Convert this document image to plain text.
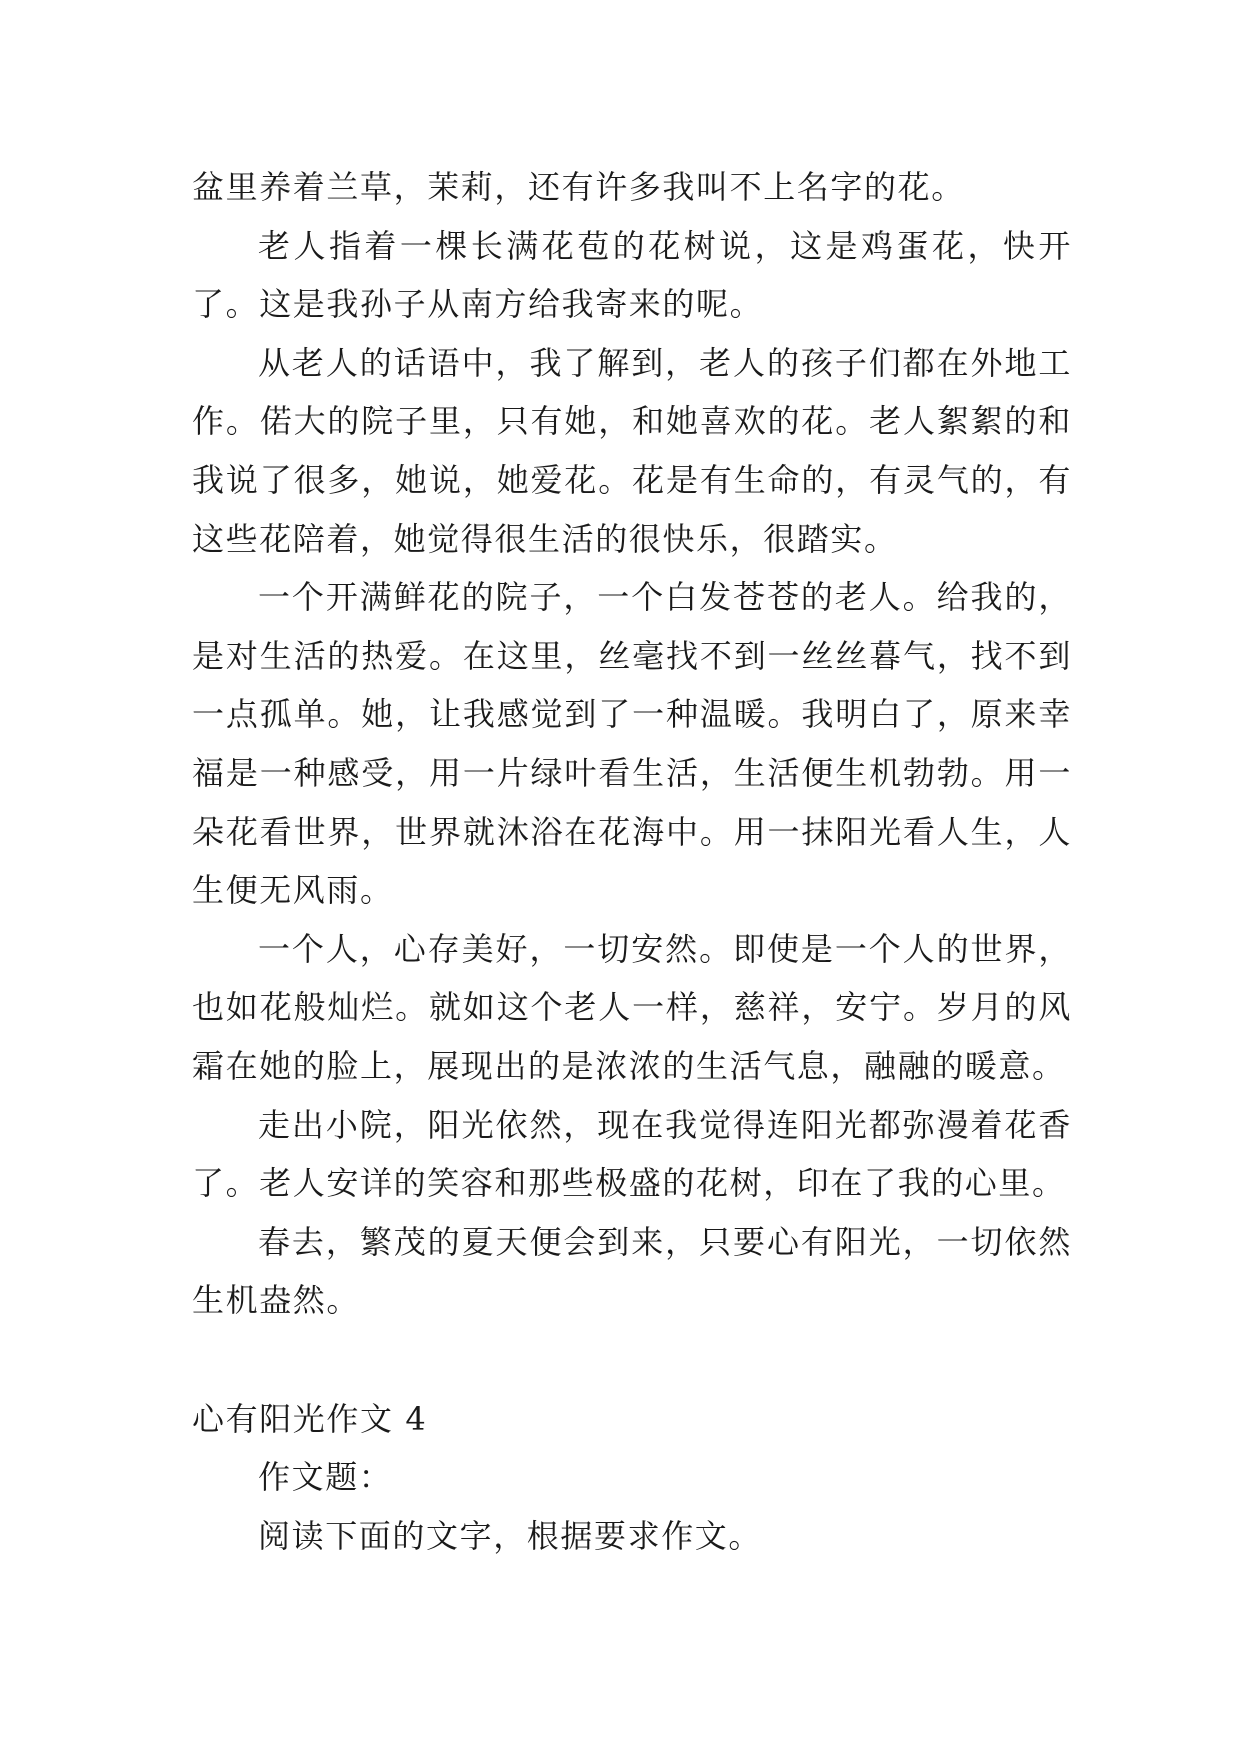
盆里养着兰草，茉莉，还有许多我叫不上名字的花。

老人指着一棵长满花苞的花树说，这是鸡蛋花，快开了。这是我孙子从南方给我寄来的呢。

从老人的话语中，我了解到，老人的孩子们都在外地工作。偌大的院子里，只有她，和她喜欢的花。老人絮絮的和我说了很多，她说，她爱花。花是有生命的，有灵气的，有这些花陪着，她觉得很生活的很快乐，很踏实。

一个开满鲜花的院子，一个白发苍苍的老人。给我的，是对生活的热爱。在这里，丝毫找不到一丝丝暮气，找不到一点孤单。她，让我感觉到了一种温暖。我明白了，原来幸福是一种感受，用一片绿叶看生活，生活便生机勃勃。用一朵花看世界，世界就沐浴在花海中。用一抹阳光看人生，人生便无风雨。

一个人，心存美好，一切安然。即使是一个人的世界，也如花般灿烂。就如这个老人一样，慈祥，安宁。岁月的风霜在她的脸上，展现出的是浓浓的生活气息，融融的暖意。

走出小院，阳光依然，现在我觉得连阳光都弥漫着花香了。老人安详的笑容和那些极盛的花树，印在了我的心里。

春去，繁茂的夏天便会到来，只要心有阳光，一切依然生机盎然。

心有阳光作文 4

作文题：

阅读下面的文字，根据要求作文。
